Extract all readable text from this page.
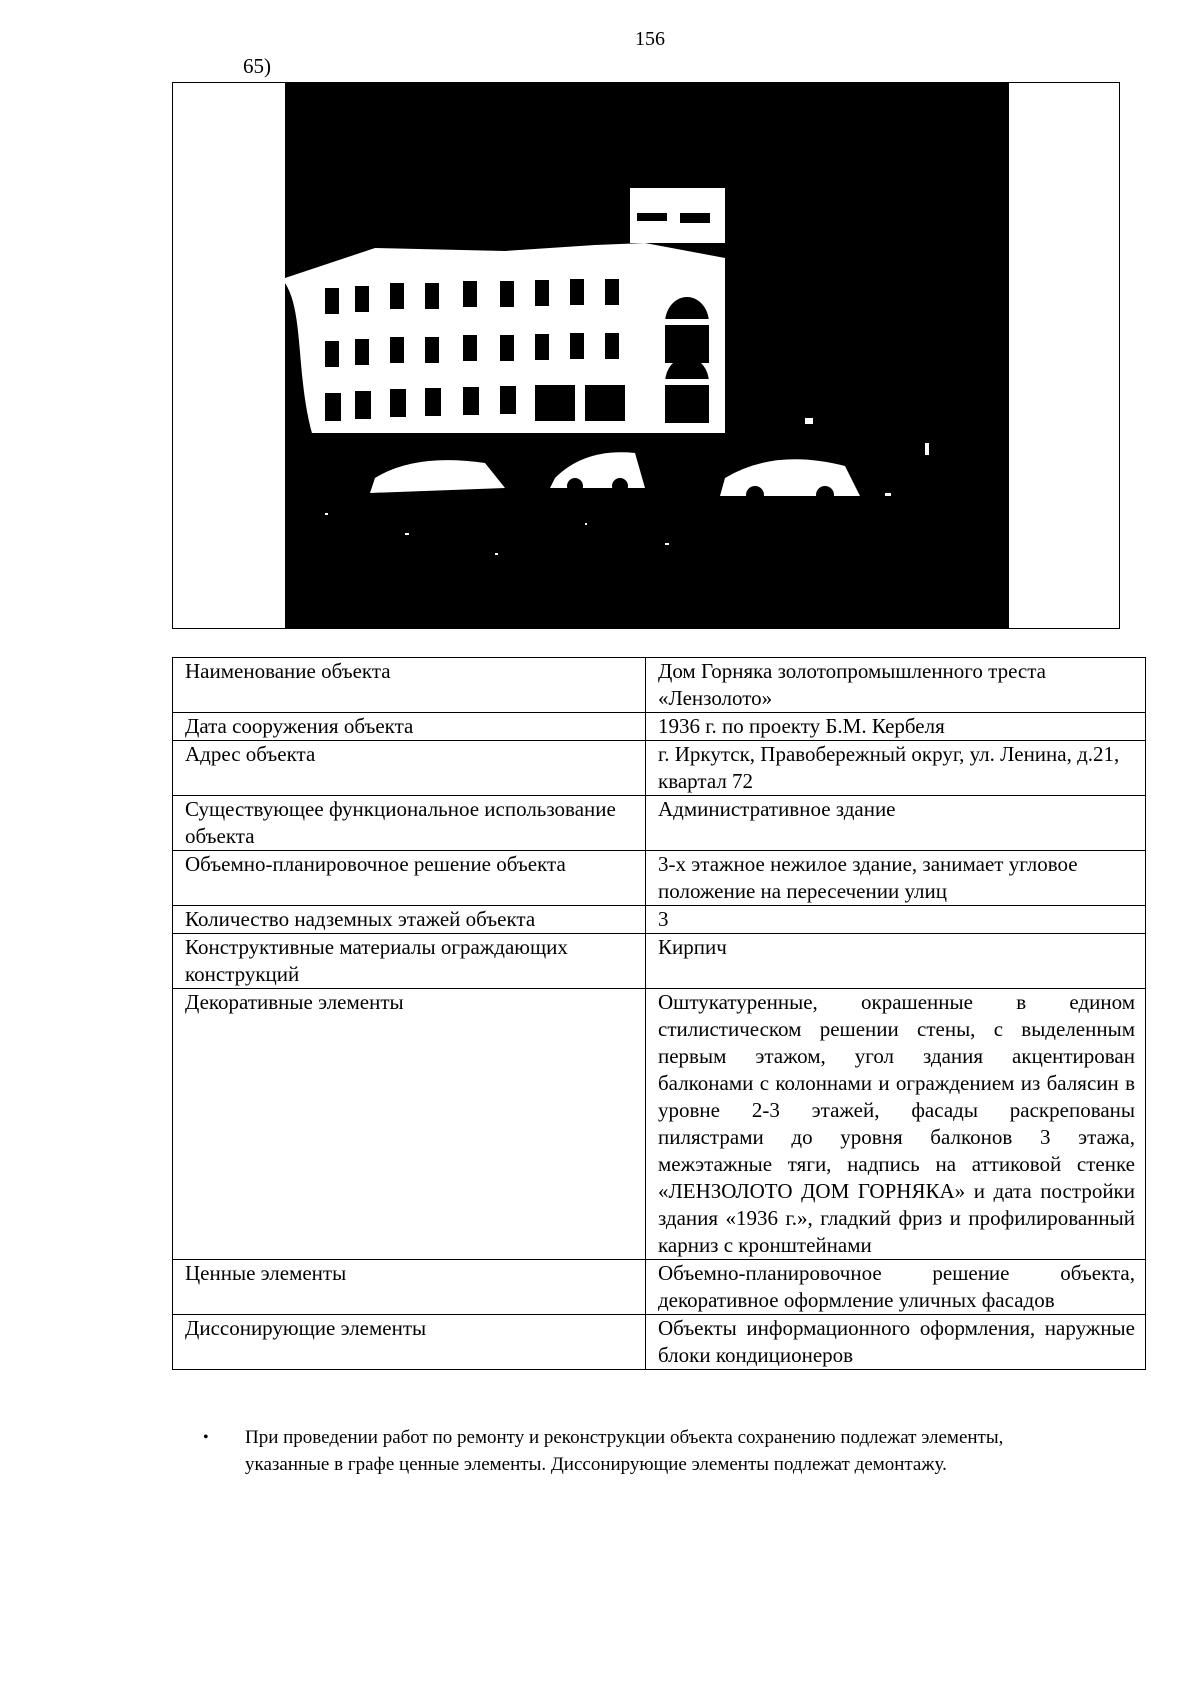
156
65)
Наименование объекта	Дом Горняка золотопромышленного треста «Лензолото»
Дата сооружения объекта	1936 г. по проекту Б.М. Кербеля
Адрес объекта	г. Иркутск, Правобережный округ, ул. Ленина, д.21, квартал 72
Существующее функциональное использование объекта	Административное здание
Объемно-планировочное решение объекта	3-х этажное нежилое здание, занимает угловое положение на пересечении улиц
Количество надземных этажей объекта	3
Конструктивные материалы ограждающих конструкций	Кирпич
Декоративные элементы	Оштукатуренные, окрашенные в едином стилистическом решении стены, с выделенным первым этажом, угол здания акцентирован балконами с колоннами и ограждением из балясин в уровне 2-3 этажей, фасады раскрепованы пилястрами до уровня балконов 3 этажа, межэтажные тяги, надпись на аттиковой стенке «ЛЕНЗОЛОТО ДОМ ГОРНЯКА» и дата постройки здания «1936 г.», гладкий фриз и профилированный карниз с кронштейнами
Ценные элементы	Объемно-планировочное решение объекта, декоративное оформление уличных фасадов
Диссонирующие элементы	Объекты информационного оформления, наружные блоки кондиционеров
•	При проведении работ по ремонту и реконструкции объекта сохранению подлежат элементы, указанные в графе ценные элементы. Диссонирующие элементы подлежат демонтажу.
